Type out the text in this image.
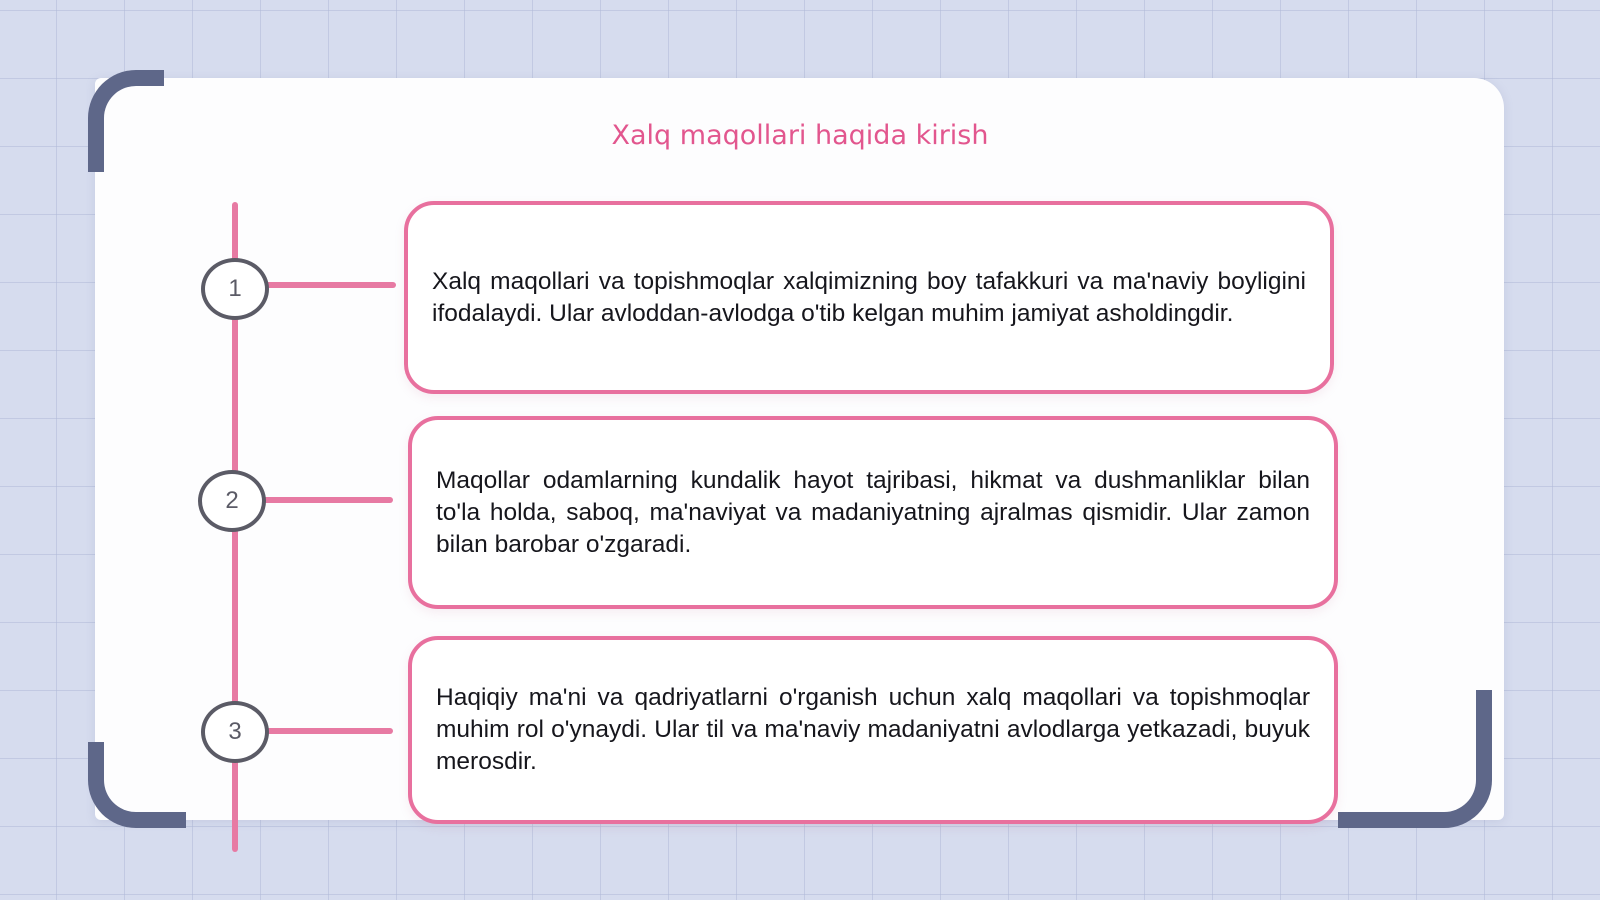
Xalq maqollari haqida kirish
1
2
3

Xalq maqollari va topishmoqlar xalqimizning boy tafakkuri va ma'naviy boyligini ifodalaydi. Ular avloddan-avlodga o'tib kelgan muhim jamiyat asholdingdir.

Maqollar odamlarning kundalik hayot tajribasi, hikmat va dushmanliklar bilan to'la holda, saboq, ma'naviyat va madaniyatning ajralmas qismidir. Ular zamon bilan barobar o'zgaradi.

Haqiqiy ma'ni va qadriyatlarni o'rganish uchun xalq maqollari va topishmoqlar muhim rol o'ynaydi. Ular til va ma'naviy madaniyatni avlodlarga yetkazadi, buyuk merosdir.
